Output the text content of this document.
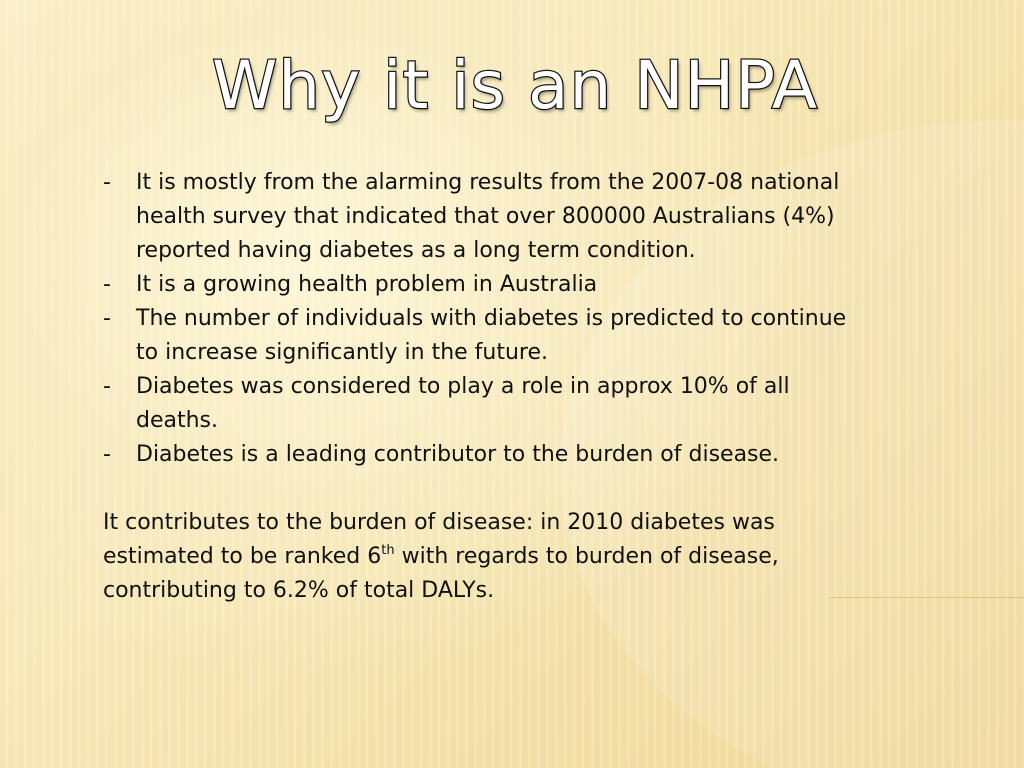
Why it is an NHPA
- It is mostly from the alarming results from the 2007-08 national health survey that indicated that over 800000 Australians (4%) reported having diabetes as a long term condition.
- It is a growing health problem in Australia
- The number of individuals with diabetes is predicted to continue to increase significantly in the future.
- Diabetes was considered to play a role in approx 10% of all deaths.
- Diabetes is a leading contributor to the burden of disease.

It contributes to the burden of disease: in 2010 diabetes was estimated to be ranked 6th with regards to burden of disease, contributing to 6.2% of total DALYs.
